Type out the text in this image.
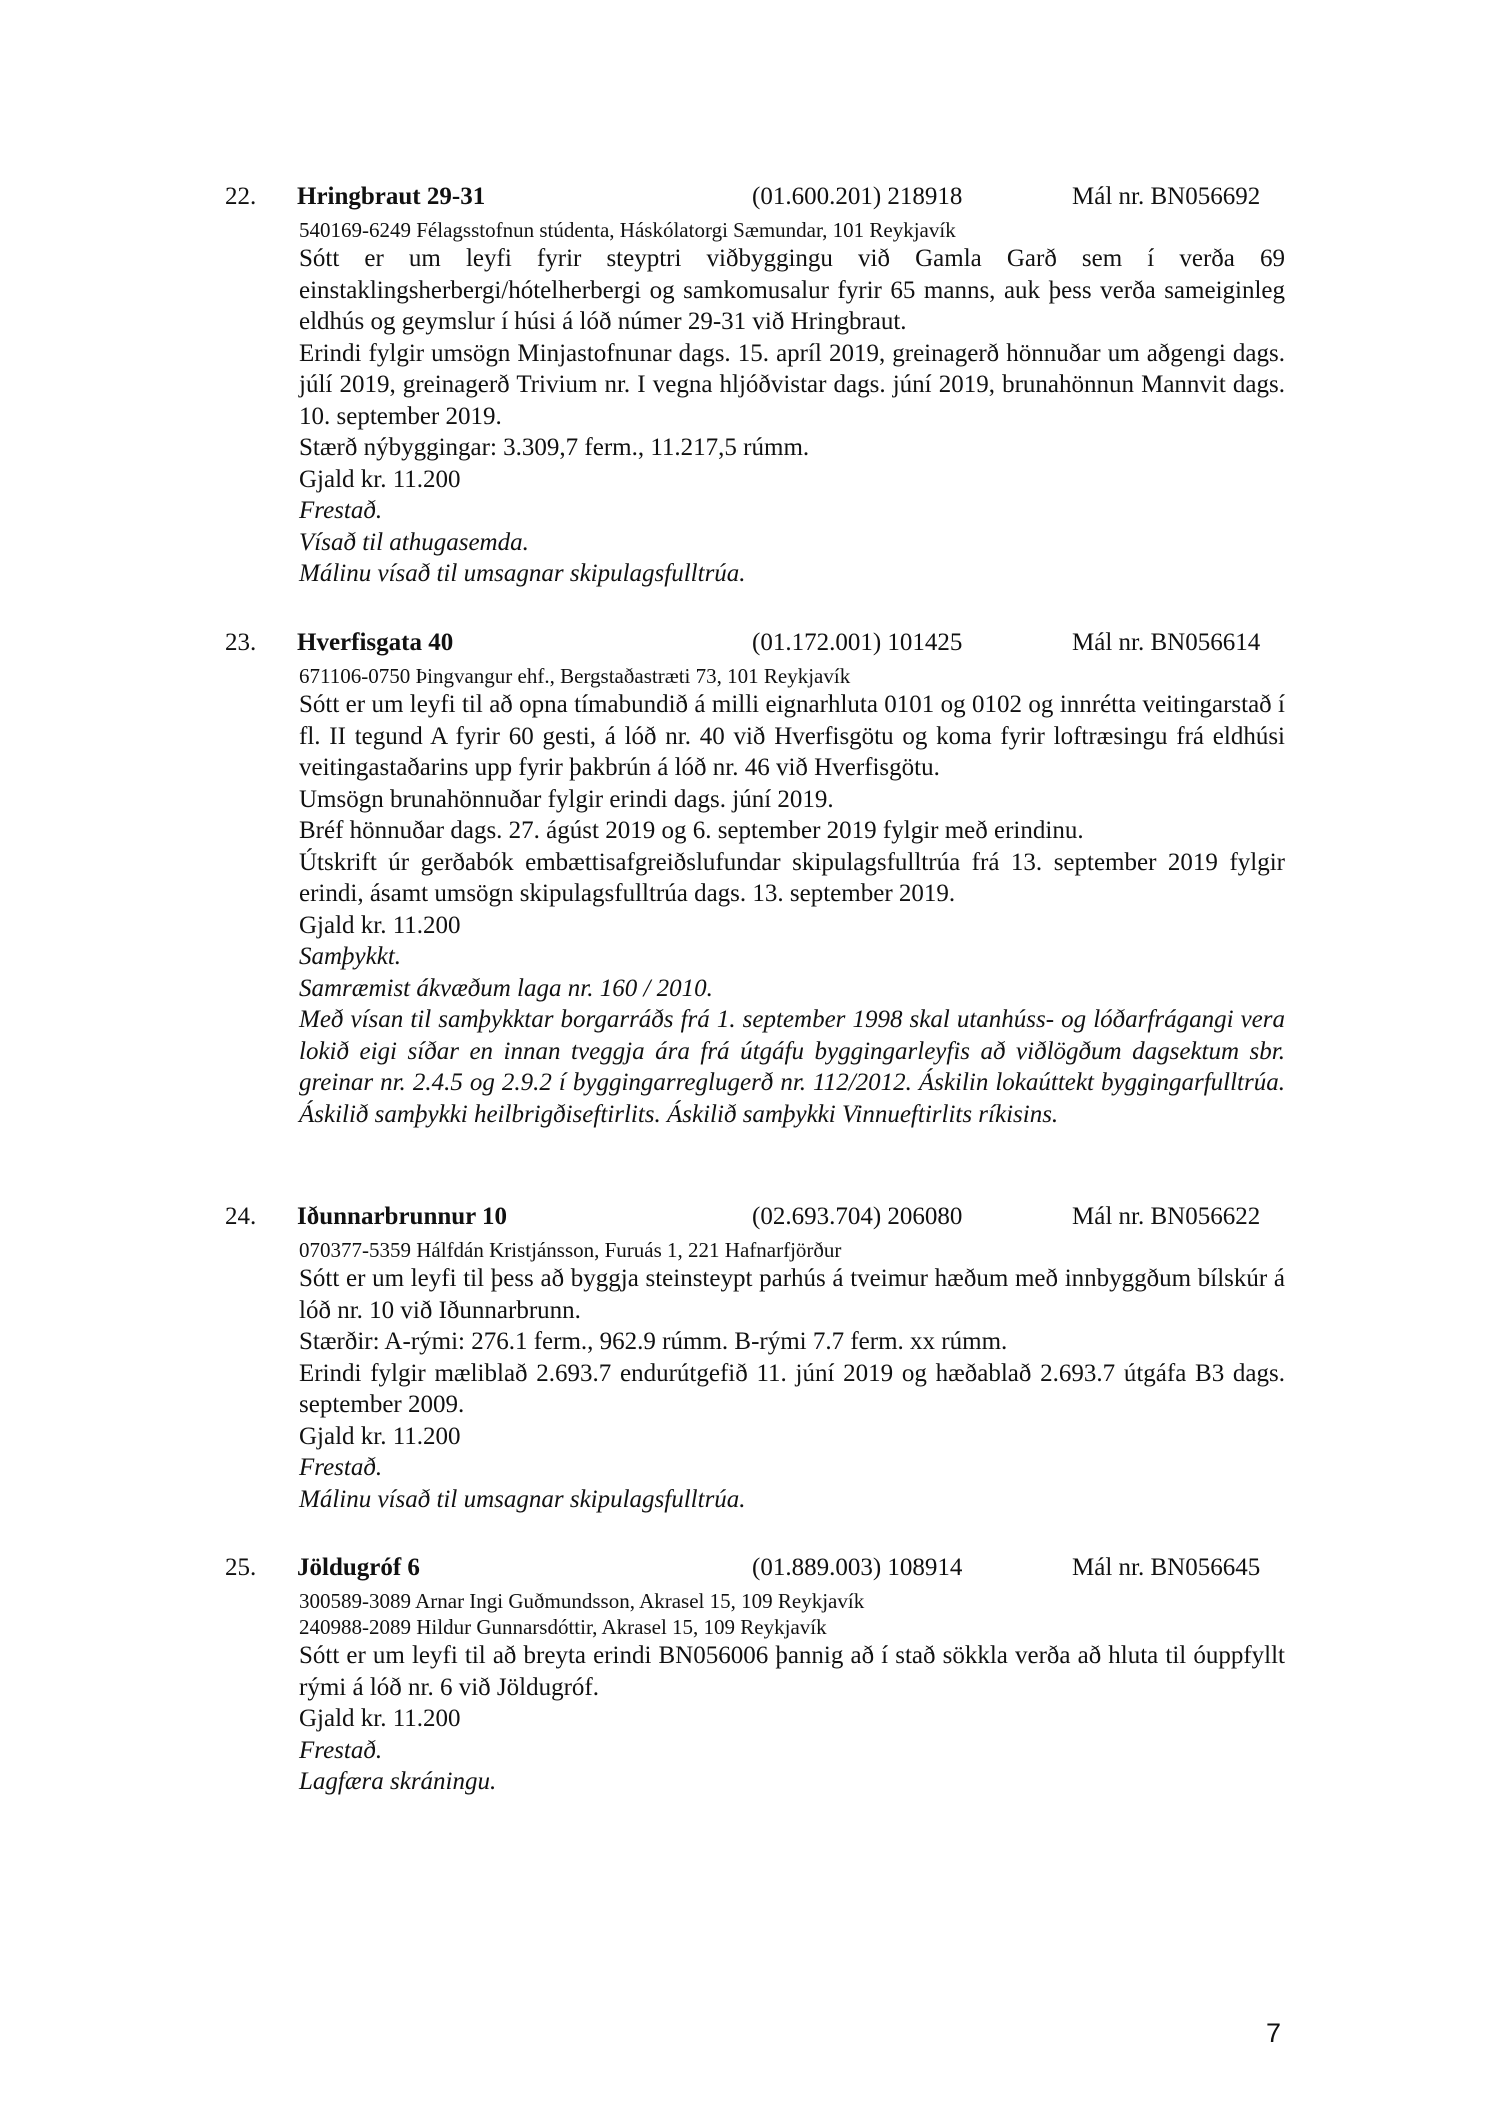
22. Hringbraut 29-31	(01.600.201) 218918	Mál nr. BN056692
540169-6249 Félagsstofnun stúdenta, Háskólatorgi Sæmundar, 101 Reykjavík
Sótt er um leyfi fyrir steyptri viðbyggingu við Gamla Garð sem í verða 69 einstaklingsherbergi/hótelherbergi og samkomusalur fyrir 65 manns, auk þess verða sameiginleg eldhús og geymslur í húsi á lóð númer 29-31 við Hringbraut.
Erindi fylgir umsögn Minjastofnunar dags. 15. apríl 2019, greinagerð hönnuðar um aðgengi dags. júlí 2019, greinagerð Trivium nr. I vegna hljóðvistar dags. júní 2019, brunahönnun Mannvit dags. 10. september 2019.
Stærð nýbyggingar: 3.309,7 ferm., 11.217,5 rúmm.
Gjald kr. 11.200
Frestað.
Vísað til athugasemda.
Málinu vísað til umsagnar skipulagsfulltrúa.
23. Hverfisgata 40	(01.172.001) 101425	Mál nr. BN056614
671106-0750 Þingvangur ehf., Bergstaðastræti 73, 101 Reykjavík
Sótt er um leyfi til að opna tímabundið á milli eignarhluta 0101 og 0102 og innrétta veitingarstað í fl. II tegund A fyrir 60 gesti, á lóð nr. 40 við Hverfisgötu og koma fyrir loftræsingu frá eldhúsi veitingastaðarins upp fyrir þakbrún á lóð nr. 46 við Hverfisgötu.
Umsögn brunahönnuðar fylgir erindi dags. júní 2019.
Bréf hönnuðar dags. 27. ágúst 2019 og 6. september 2019 fylgir með erindinu.
Útskrift úr gerðabók embættisafgreiðslufundar skipulagsfulltrúa frá 13. september 2019 fylgir erindi, ásamt umsögn skipulagsfulltrúa dags. 13. september 2019.
Gjald kr. 11.200
Samþykkt.
Samræmist ákvæðum laga nr. 160 / 2010.
Með vísan til samþykktar borgarráðs frá 1. september 1998 skal utanhúss- og lóðarfrágangi vera lokið eigi síðar en innan tveggja ára frá útgáfu byggingarleyfis að viðlögðum dagsektum sbr. greinar nr. 2.4.5 og 2.9.2 í byggingarreglugerð nr. 112/2012. Áskilin lokaúttekt byggingarfulltrúa. Áskilið samþykki heilbrigðiseftirlits. Áskilið samþykki Vinnueftirlits ríkisins.
24. Iðunnarbrunnur 10	(02.693.704) 206080	Mál nr. BN056622
070377-5359 Hálfdán Kristjánsson, Furuás 1, 221 Hafnarfjörður
Sótt er um leyfi til þess að byggja steinsteypt parhús á tveimur hæðum með innbyggðum bílskúr á lóð nr. 10 við Iðunnarbrunn.
Stærðir: A-rými: 276.1 ferm., 962.9 rúmm. B-rými 7.7 ferm. xx rúmm.
Erindi fylgir mæliblað 2.693.7 endurútgefið 11. júní 2019 og hæðablað 2.693.7 útgáfa B3 dags. september 2009.
Gjald kr. 11.200
Frestað.
Málinu vísað til umsagnar skipulagsfulltrúa.
25. Jöldugróf 6	(01.889.003) 108914	Mál nr. BN056645
300589-3089 Arnar Ingi Guðmundsson, Akrasel 15, 109 Reykjavík
240988-2089 Hildur Gunnarsdóttir, Akrasel 15, 109 Reykjavík
Sótt er um leyfi til að breyta erindi BN056006 þannig að í stað sökkla verða að hluta til óuppfyllt rými á lóð nr. 6 við Jöldugróf.
Gjald kr. 11.200
Frestað.
Lagfæra skráningu.
7
